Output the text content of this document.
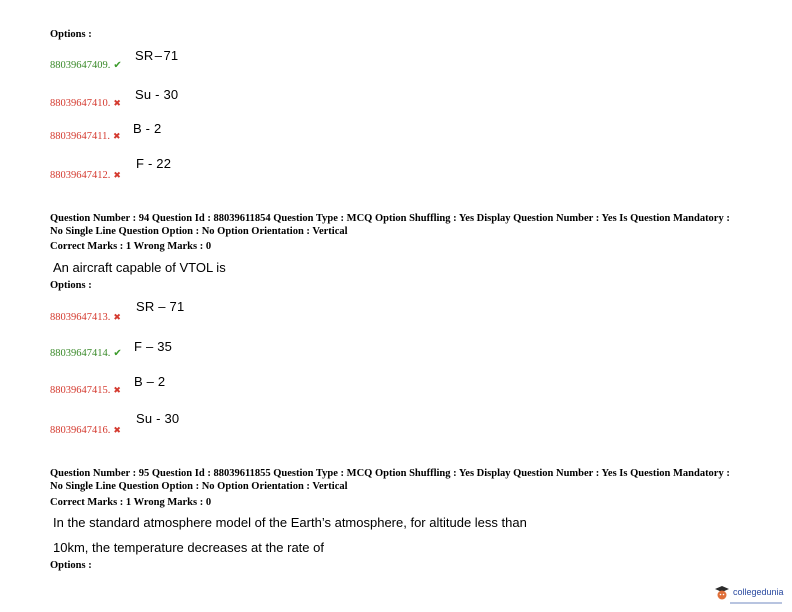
Options :
88039647409. ✔
SR – 71
88039647410. ✖
Su - 30
88039647411. ✖ B - 2
88039647412. ✖
F - 22
Question Number : 94 Question Id : 88039611854 Question Type : MCQ Option Shuffling : Yes Display Question Number : Yes Is Question Mandatory : No Single Line Question Option : No Option Orientation : Vertical
Correct Marks : 1 Wrong Marks : 0
An aircraft capable of VTOL is
Options :
88039647413. ✖
SR – 71
88039647414. ✔ F – 35
88039647415. ✖
B – 2
88039647416. ✖
Su - 30
Question Number : 95 Question Id : 88039611855 Question Type : MCQ Option Shuffling : Yes Display Question Number : Yes Is Question Mandatory : No Single Line Question Option : No Option Orientation : Vertical
Correct Marks : 1 Wrong Marks : 0
In the standard atmosphere model of the Earth’s atmosphere, for altitude less than
10km, the temperature decreases at the rate of
Options :
collegedunia
